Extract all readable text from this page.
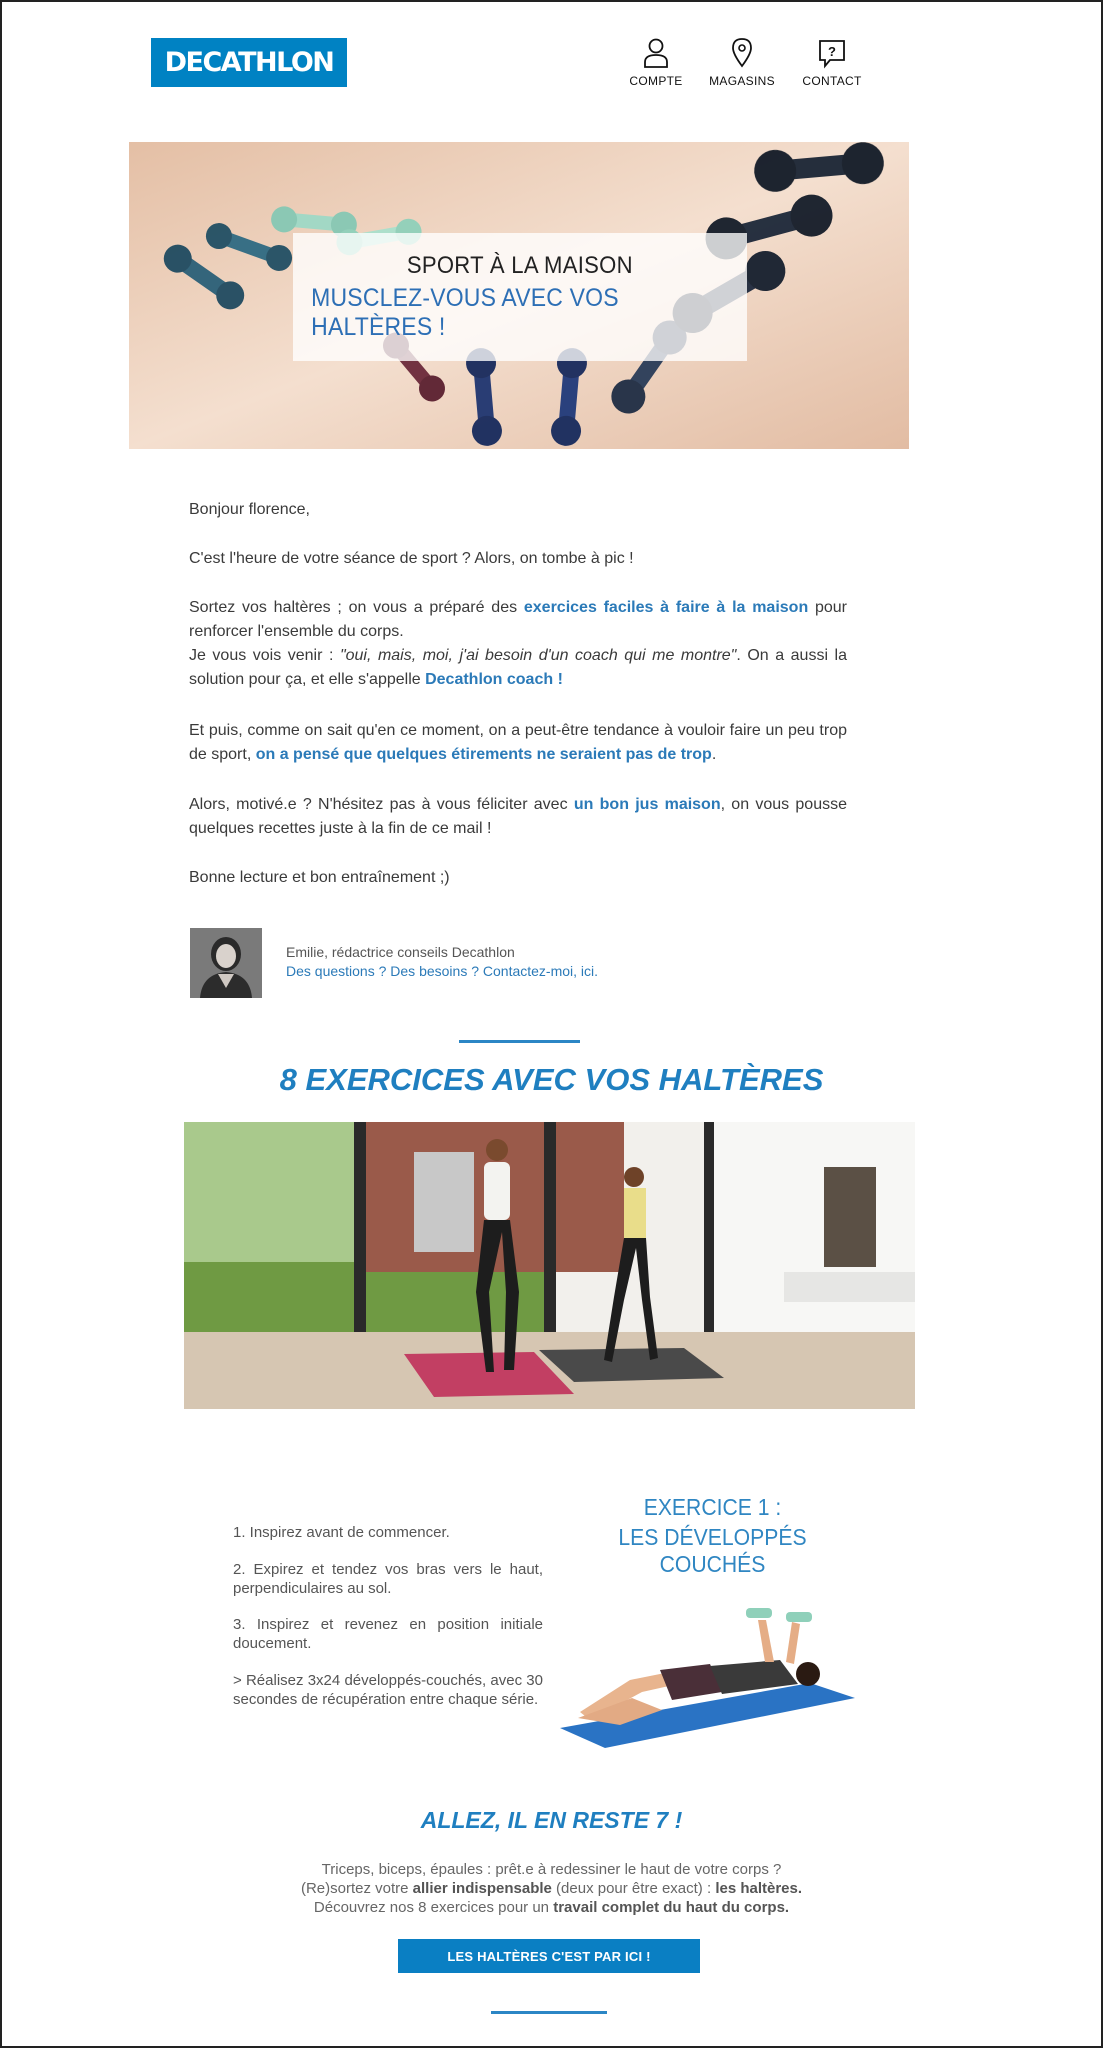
DECATHLON
COMPTE MAGASINS
?
CONTACT
SPORT À LA MAISON
MUSCLEZ-VOUS AVEC VOS HALTÈRES !
Bonjour florence,
C'est l'heure de votre séance de sport ? Alors, on tombe à pic !
Sortez vos haltères ; on vous a préparé des exercices faciles à faire à la maison pour renforcer l'ensemble du corps.
Je vous vois venir : "oui, mais, moi, j'ai besoin d'un coach qui me montre". On a aussi la solution pour ça, et elle s'appelle Decathlon coach !
Et puis, comme on sait qu'en ce moment, on a peut-être tendance à vouloir faire un peu trop de sport, on a pensé que quelques étirements ne seraient pas de trop.
Alors, motivé.e ? N'hésitez pas à vous féliciter avec un bon jus maison, on vous pousse quelques recettes juste à la fin de ce mail !
Bonne lecture et bon entraînement ;)
Emilie, rédactrice conseils Decathlon
Des questions ? Des besoins ? Contactez-moi, ici.
8 EXERCICES AVEC VOS HALTÈRES
EXERCICE 1 :
LES DÉVELOPPÉS COUCHÉS
1. Inspirez avant de commencer.
2. Expirez et tendez vos bras vers le haut, perpendiculaires au sol.
3. Inspirez et revenez en position initiale doucement.
> Réalisez 3x24 développés-couchés, avec 30 secondes de récupération entre chaque série.
ALLEZ, IL EN RESTE 7 !
Triceps, biceps, épaules : prêt.e à redessiner le haut de votre corps ?
(Re)sortez votre allier indispensable (deux pour être exact) : les haltères.
Découvrez nos 8 exercices pour un travail complet du haut du corps.
LES HALTÈRES C'EST PAR ICI !
